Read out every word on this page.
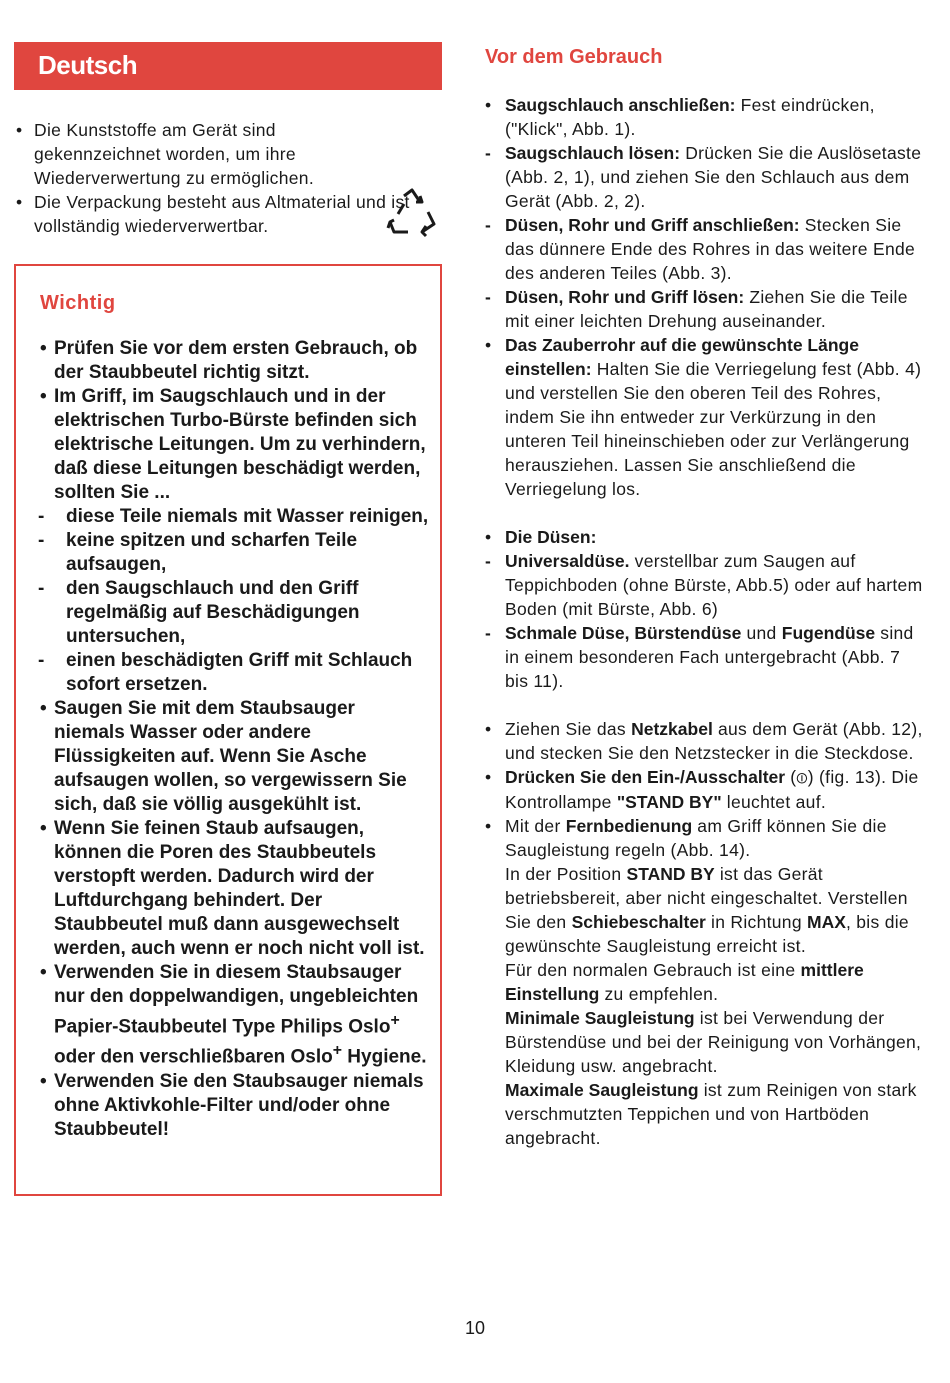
Deutsch
• Die Kunststoffe am Gerät sind gekennzeichnet worden, um ihre Wiederverwertung zu ermöglichen.
• Die Verpackung besteht aus Altmaterial und ist vollständig wiederverwertbar.
Wichtig
• Prüfen Sie vor dem ersten Gebrauch, ob der Staubbeutel richtig sitzt.
• Im Griff, im Saugschlauch und in der elektrischen Turbo-Bürste befinden sich elektrische Leitungen. Um zu verhindern, daß diese Leitungen beschädigt werden, sollten Sie ...
- diese Teile niemals mit Wasser reinigen,
- keine spitzen und scharfen Teile aufsaugen,
- den Saugschlauch und den Griff regelmäßig auf Beschädigungen untersuchen,
- einen beschädigten Griff mit Schlauch sofort ersetzen.
• Saugen Sie mit dem Staubsauger niemals Wasser oder andere Flüssigkeiten auf. Wenn Sie Asche aufsaugen wollen, so vergewissern Sie sich, daß sie völlig ausgekühlt ist.
• Wenn Sie feinen Staub aufsaugen, können die Poren des Staubbeutels verstopft werden. Dadurch wird der Luftdurchgang behindert. Der Staubbeutel muß dann ausgewechselt werden, auch wenn er noch nicht voll ist.
• Verwenden Sie in diesem Staubsauger nur den doppelwandigen, ungebleichten Papier-Staubbeutel Type Philips Oslo+ oder den verschließbaren Oslo+ Hygiene.
• Verwenden Sie den Staubsauger niemals ohne Aktivkohle-Filter und/oder ohne Staubbeutel!
Vor dem Gebrauch
• Saugschlauch anschließen: Fest eindrücken, ("Klick", Abb. 1).
- Saugschlauch lösen: Drücken Sie die Auslösetaste (Abb. 2, 1), und ziehen Sie den Schlauch aus dem Gerät (Abb. 2, 2).
- Düsen, Rohr und Griff anschließen: Stecken Sie das dünnere Ende des Rohres in das weitere Ende des anderen Teiles (Abb. 3).
- Düsen, Rohr und Griff lösen: Ziehen Sie die Teile mit einer leichten Drehung auseinander.
• Das Zauberrohr auf die gewünschte Länge einstellen: Halten Sie die Verriegelung fest (Abb. 4) und verstellen Sie den oberen Teil des Rohres, indem Sie ihn entweder zur Verkürzung in den unteren Teil hineinschieben oder zur Verlängerung herausziehen. Lassen Sie anschließend die Verriegelung los.
• Die Düsen:
- Universaldüse. verstellbar zum Saugen auf Teppichboden (ohne Bürste, Abb.5) oder auf hartem Boden (mit Bürste, Abb. 6)
- Schmale Düse, Bürstendüse und Fugendüse sind in einem besonderen Fach untergebracht (Abb. 7 bis 11).
• Ziehen Sie das Netzkabel aus dem Gerät (Abb. 12), und stecken Sie den Netzstecker in die Steckdose.
• Drücken Sie den Ein-/Ausschalter (⏼) (fig. 13). Die Kontrollampe "STAND BY" leuchtet auf.
• Mit der Fernbedienung am Griff können Sie die Saugleistung regeln (Abb. 14).
In der Position STAND BY ist das Gerät betriebsbereit, aber nicht eingeschaltet. Verstellen Sie den Schiebeschalter in Richtung MAX, bis die gewünschte Saugleistung erreicht ist.
Für den normalen Gebrauch ist eine mittlere Einstellung zu empfehlen.
Minimale Saugleistung ist bei Verwendung der Bürstendüse und bei der Reinigung von Vorhängen, Kleidung usw. angebracht.
Maximale Saugleistung ist zum Reinigen von stark verschmutzten Teppichen und von Hartböden angebracht.
10
